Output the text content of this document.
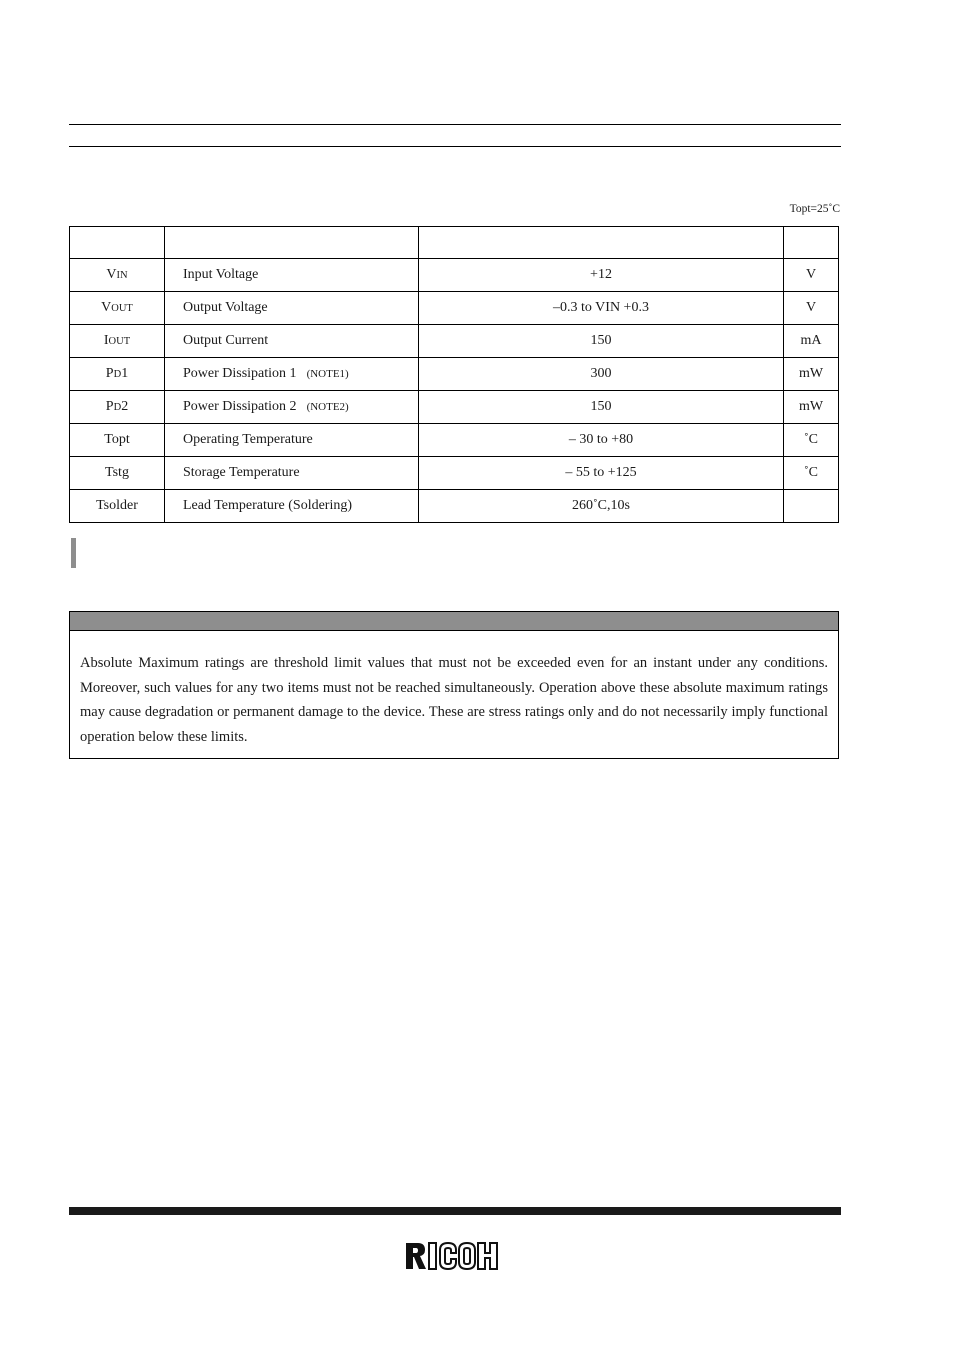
Topt=25˚C

VIN	Input Voltage	+12	V
VOUT	Output Voltage	–0.3 to VIN +0.3	V
IOUT	Output Current	150	mA
PD1	Power Dissipation 1 (NOTE1)	300	mW
PD2	Power Dissipation 2 (NOTE2)	150	mW
Topt	Operating Temperature	– 30 to +80	˚C
Tstg	Storage Temperature	– 55 to +125	˚C
Tsolder	Lead Temperature (Soldering)	260˚C,10s	

Absolute Maximum ratings are threshold limit values that must not be exceeded even for an instant under any conditions. Moreover, such values for any two items must not be reached simultaneously. Operation above these absolute maximum ratings may cause degradation or permanent damage to the device. These are stress ratings only and do not necessarily imply functional operation below these limits.
